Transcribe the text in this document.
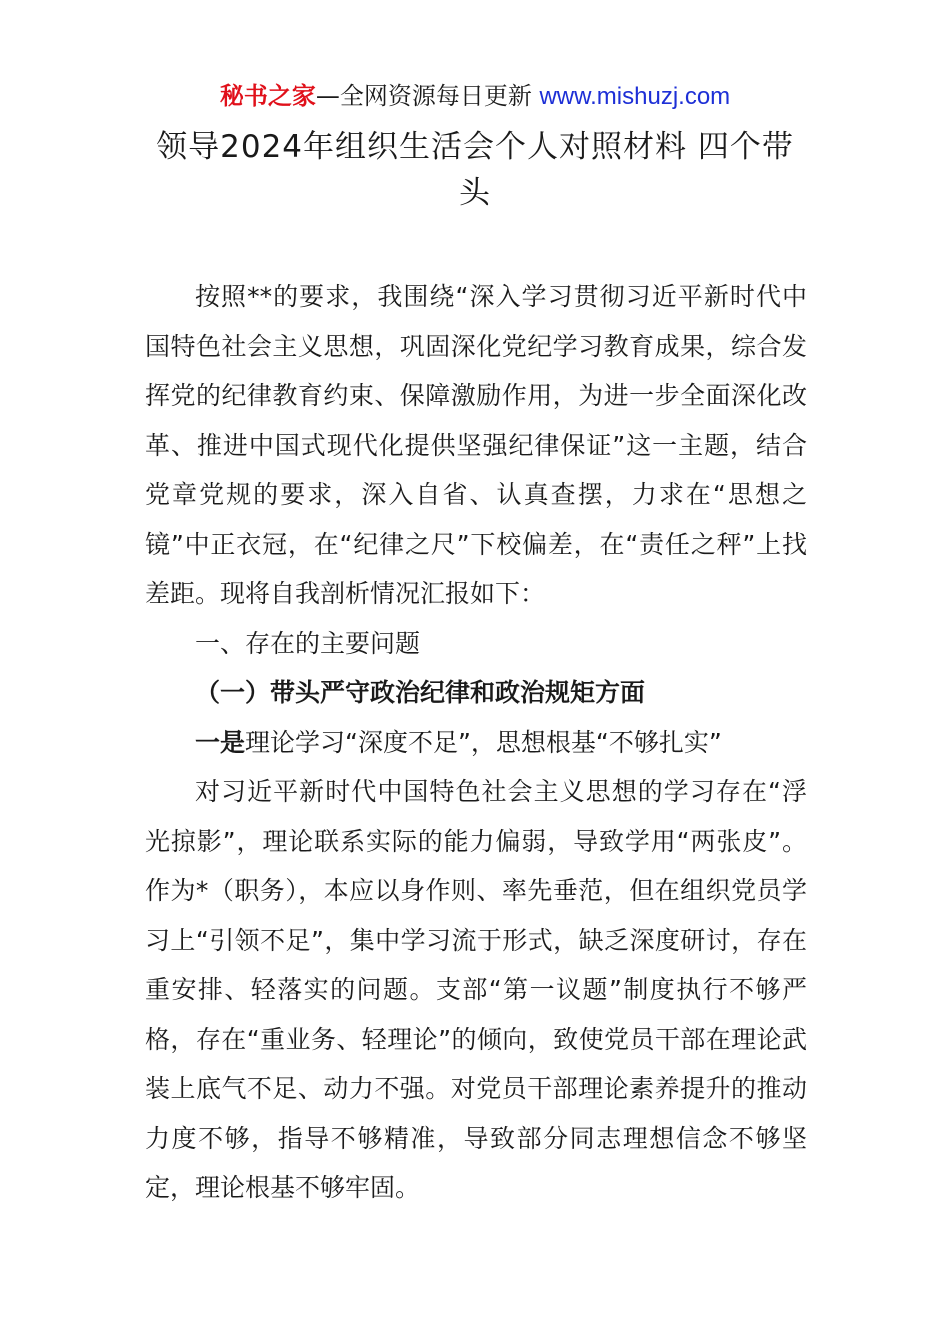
秘书之家—全网资源每日更新 www.mishuzj.com
领导2024年组织生活会个人对照材料 四个带头

按照**的要求，我围绕“深入学习贯彻习近平新时代中国特色社会主义思想，巩固深化党纪学习教育成果，综合发挥党的纪律教育约束、保障激励作用，为进一步全面深化改革、推进中国式现代化提供坚强纪律保证”这一主题，结合党章党规的要求，深入自省、认真查摆，力求在“思想之镜”中正衣冠，在“纪律之尺”下校偏差，在“责任之秤”上找差距。现将自我剖析情况汇报如下：

一、存在的主要问题

（一）带头严守政治纪律和政治规矩方面

一是理论学习“深度不足”，思想根基“不够扎实”

对习近平新时代中国特色社会主义思想的学习存在“浮光掠影”，理论联系实际的能力偏弱，导致学用“两张皮”。作为*（职务），本应以身作则、率先垂范，但在组织党员学习上“引领不足”，集中学习流于形式，缺乏深度研讨，存在重安排、轻落实的问题。支部“第一议题”制度执行不够严格，存在“重业务、轻理论”的倾向，致使党员干部在理论武装上底气不足、动力不强。对党员干部理论素养提升的推动力度不够，指导不够精准，导致部分同志理想信念不够坚定，理论根基不够牢固。
